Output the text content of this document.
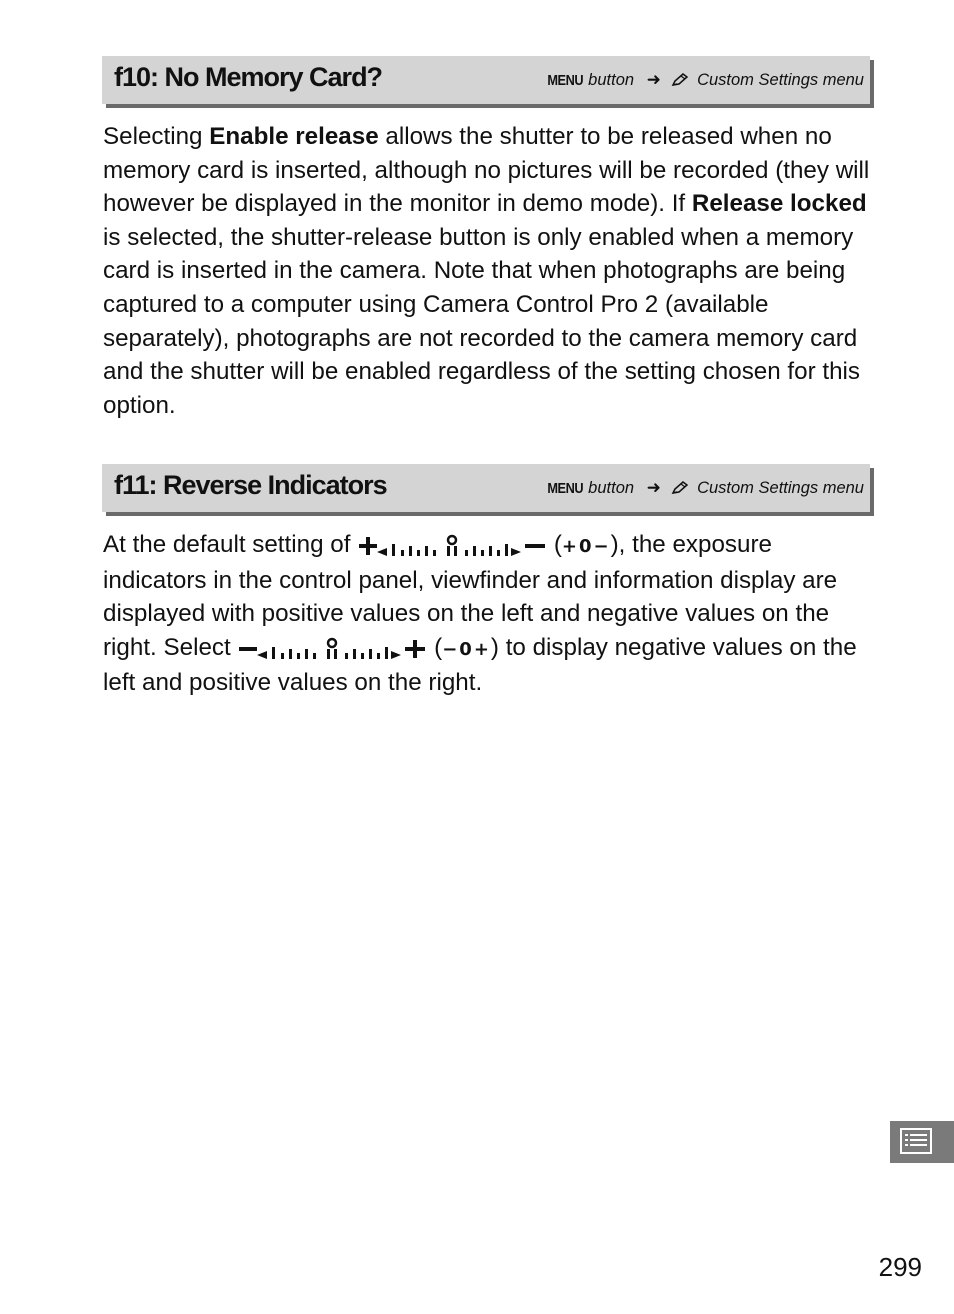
f10: No Memory Card?	MENU button ➜ Custom Settings menu
Selecting Enable release allows the shutter to be released when no memory card is inserted, although no pictures will be recorded (they will however be displayed in the monitor in demo mode). If Release locked is selected, the shutter-release button is only enabled when a memory card is inserted in the camera. Note that when photographs are being captured to a computer using Camera Control Pro 2 (available separately), photographs are not recorded to the camera memory card and the shutter will be enabled regardless of the setting chosen for this option.
f11: Reverse Indicators	MENU button ➜ Custom Settings menu
At the default setting of	(+0−), the exposure indicators in the control panel, viewfinder and information display are displayed with positive values on the left and negative values on the right. Select	(−0+) to display negative values on the left and positive values on the right.
299
